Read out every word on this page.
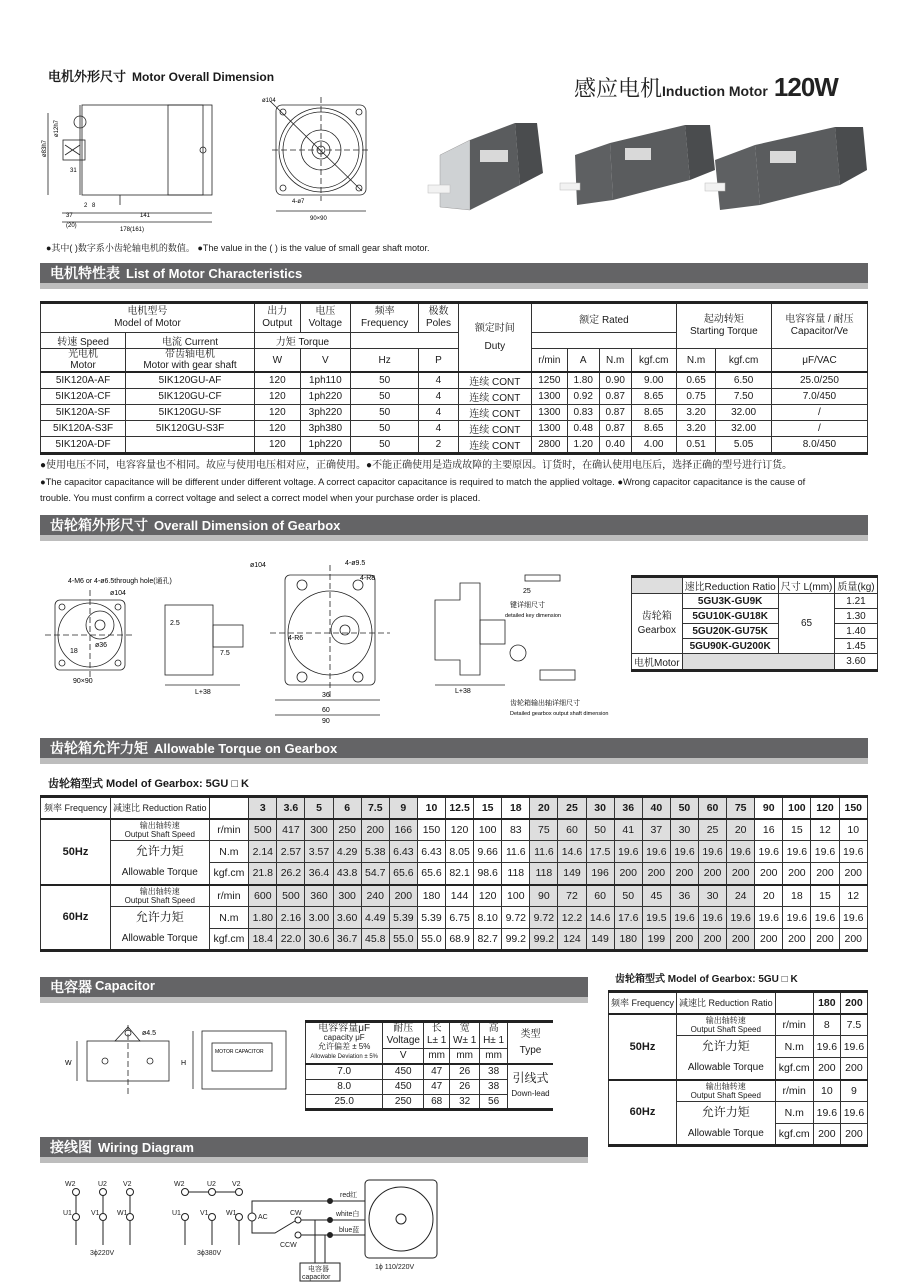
电机外形尺寸 Motor Overall Dimension	感应电机Induction Motor 120W
ø83h7
ø12h7
31
2 8
37
(20)
141
178(161)
ø104
4-ø7
90×90
●其中( )数字系小齿轮轴电机的数值。 ●The value in the ( ) is the value of small gear shaft motor.
电机特性表 List of Motor Characteristics
电机型号
Model of Motor		出力
Output	电压
Voltage	频率
Frequency	极数
Poles	额定时间
Duty	额定 Rated				起动转矩
Starting Torque		电容容量 / 耐压
Capacitor/Ve
转速 Speed	电流 Current	力矩 Torque											
光电机
Motor	带齿轴电机
Motor with gear shaft	W	V	Hz	P		r/min	A	N.m	kgf.cm	N.m	kgf.cm	μF/VAC
5IK120A-AF	5IK120GU-AF	120	1ph110	50	4	连续 CONT	1250	1.80	0.90	9.00	0.65	6.50	25.0/250
5IK120A-CF	5IK120GU-CF	120	1ph220	50	4	连续 CONT	1300	0.92	0.87	8.65	0.75	7.50	7.0/450
5IK120A-SF	5IK120GU-SF	120	3ph220	50	4	连续 CONT	1300	0.83	0.87	8.65	3.20	32.00	/
5IK120A-S3F	5IK120GU-S3F	120	3ph380	50	4	连续 CONT	1300	0.48	0.87	8.65	3.20	32.00	/
5IK120A-DF		120	1ph220	50	2	连续 CONT	2800	1.20	0.40	4.00	0.51	5.05	8.0/450
●使用电压不同，电容容量也不相同。故应与使用电压相对应，正确使用。●不能正确使用是造成故障的主要原因。订货时，在确认使用电压后，选择正确的型号进行订货。
●The capacitor capacitance will be different under different voltage. A correct capacitor capacitance is required to match the applied voltage. ●Wrong capacitor capacitance is the cause of
trouble. You must confirm a correct voltage and select a correct model when your purchase order is placed.
齿轮箱外形尺寸 Overall Dimension of Gearbox
4-M6 or 4-ø6.5through hole(通孔)
ø104
ø36
18
90×90
2.5
7.5
L+38
ø104	4-ø9.5
4-R8
4-R6
36
60
90
L+38
25
键详细尺寸
detailed key dimension
齿轮箱输出轴详细尺寸
Detailed gearbox output shaft dimension
	速比Reduction Ratio	尺寸 L(mm)	质量(kg)
齿轮箱
Gearbox	5GU3K-GU9K	65	1.21
	5GU10K-GU18K		1.30
	5GU20K-GU75K		1.40
	5GU90K-GU200K		1.45
电机Motor			3.60
齿轮箱允许力矩 Allowable Torque on Gearbox
齿轮箱型式 Model of Gearbox: 5GU □ K
频率 Frequency	减速比 Reduction Ratio		3	3.6	5	6	7.5	9	10	12.5	15	18	20	25	30	36	40	50	60	75	90	100	120	150
50Hz	输出轴转速
Output Shaft Speed	r/min	500	417	300	250	200	166	150	120	100	83	75	60	50	41	37	30	25	20	16	15	12	10
	允许力矩
Allowable Torque	N.m	2.14	2.57	3.57	4.29	5.38	6.43	6.43	8.05	9.66	11.6	11.6	14.6	17.5	19.6	19.6	19.6	19.6	19.6	19.6	19.6	19.6	19.6
		kgf.cm	21.8	26.2	36.4	43.8	54.7	65.6	65.6	82.1	98.6	118	118	149	196	200	200	200	200	200	200	200	200	200
60Hz	输出轴转速
Output Shaft Speed	r/min	600	500	360	300	240	200	180	144	120	100	90	72	60	50	45	36	30	24	20	18	15	12
	允许力矩
Allowable Torque	N.m	1.80	2.16	3.00	3.60	4.49	5.39	5.39	6.75	8.10	9.72	9.72	12.2	14.6	17.6	19.5	19.6	19.6	19.6	19.6	19.6	19.6	19.6
		kgf.cm	18.4	22.0	30.6	36.7	45.8	55.0	55.0	68.9	82.7	99.2	99.2	124	149	180	199	200	200	200	200	200	200	200
电容器 Capacitor
ø4.5
W	H
MOTOR CAPACITOR
电容容量μF
capacity μF
允许偏差 ± 5%
Allowable Deviation ± 5%	耐压
Voltage	长
L± 1	宽
W± 1	高
H± 1	类型
Type
	V	mm	mm	mm	
7.0	450	47	26	38	引线式
Down-lead
8.0	450	47	26	38	
25.0	250	68	32	56	
齿轮箱型式 Model of Gearbox: 5GU □ K
频率 Frequency	减速比 Reduction Ratio		180	200
50Hz	输出轴转速
Output Shaft Speed	r/min	8	7.5
	允许力矩
Allowable Torque	N.m	19.6	19.6
		kgf.cm	200	200
60Hz	输出轴转速
Output Shaft Speed	r/min	10	9
	允许力矩
Allowable Torque	N.m	19.6	19.6
		kgf.cm	200	200
接线图 Wiring Diagram
W2	U2 V2
U1	V1 W1
W2	U2 V2
U1	V1 W1
3ϕ220V	3ϕ380V
AC
CW
CCW
red红
white白
blue蓝
电容器
capacitor
1ϕ 110/220V
